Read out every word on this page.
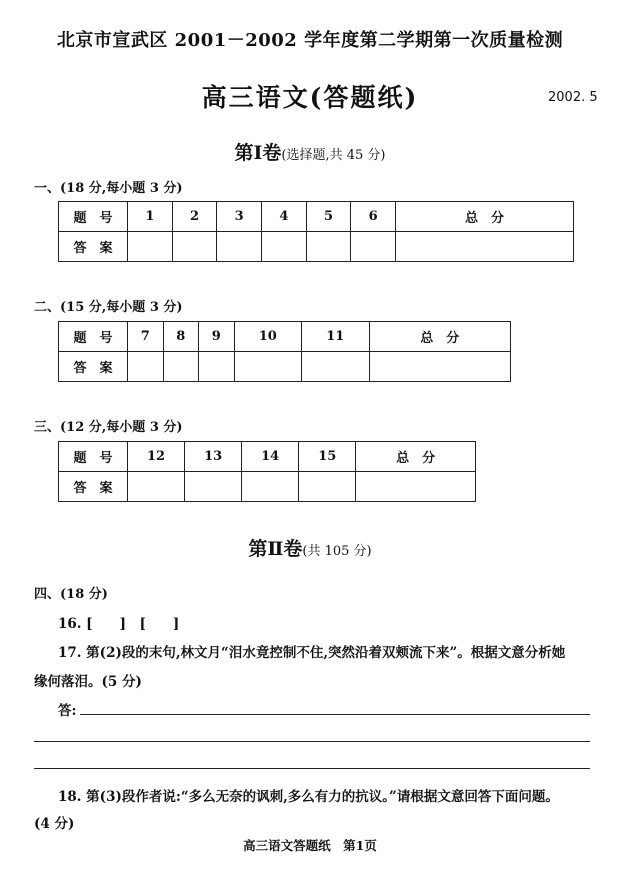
北京市宣武区 2001－2002 学年度第二学期第一次质量检测
高三语文(答题纸)	2002. 5
第Ⅰ卷(选择题,共 45 分)
一、(18 分,每小题 3 分)
题　号	1	2	3	4	5	6	总　分
答　案							
二、(15 分,每小题 3 分)
题　号	7	8	9	10	11	总　分
答　案						
三、(12 分,每小题 3 分)
题　号	12	13	14	15	总　分
答　案					
第Ⅱ卷(共 105 分)
四、(18 分)
16. [　　]　[　　]
17. 第(2)段的末句,林文月“泪水竟控制不住,突然沿着双颊流下来”。根据文意分析她
缘何落泪。(5 分)
答:
18. 第(3)段作者说:“多么无奈的讽刺,多么有力的抗议。”请根据文意回答下面问题。
(4 分)
高三语文答题纸　第1页
